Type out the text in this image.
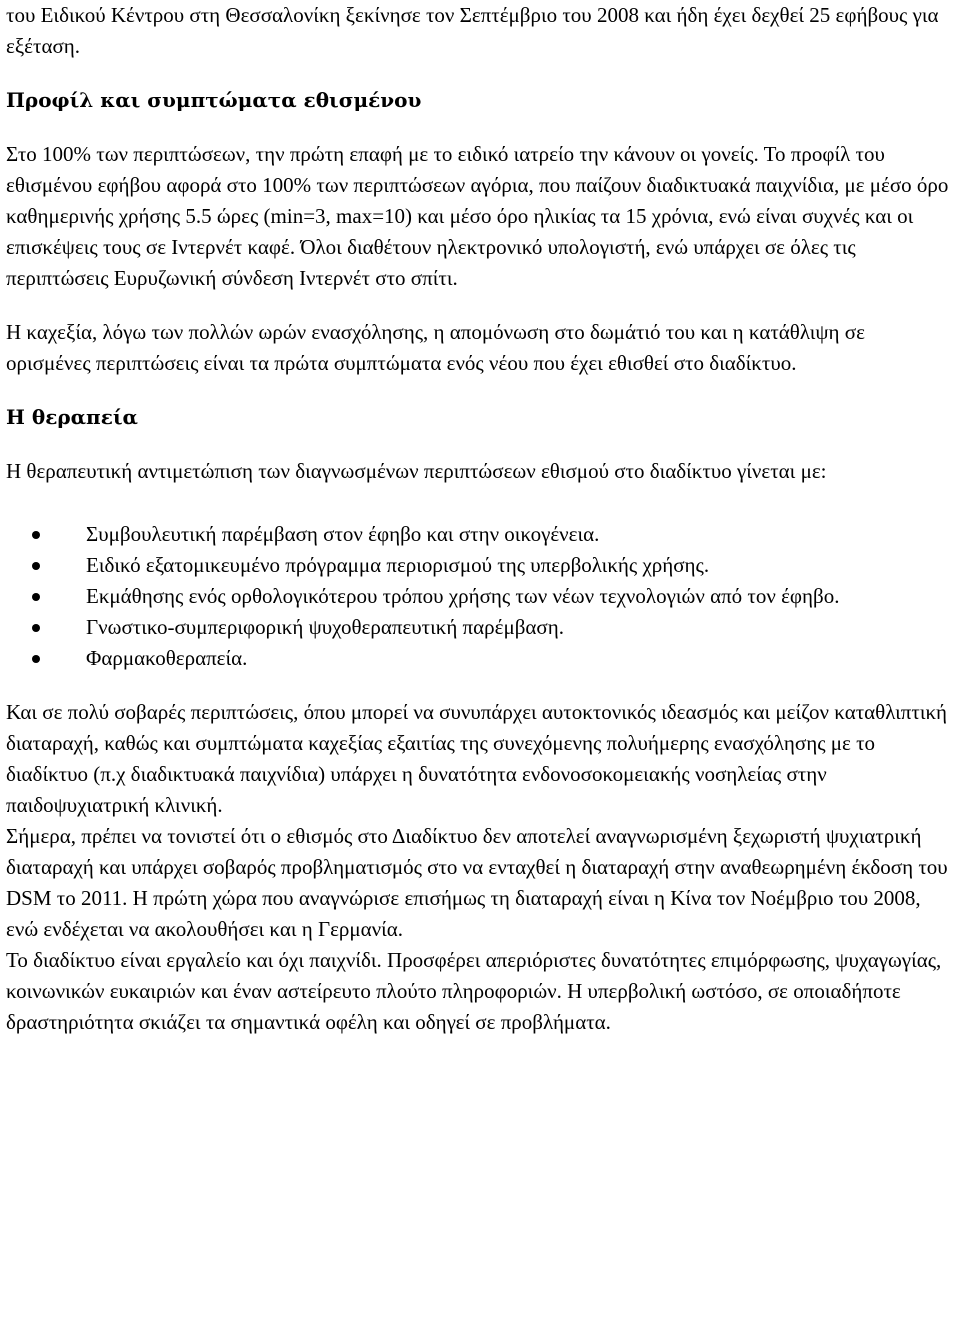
του Ειδικού Κέντρου στη Θεσσαλονίκη ξεκίνησε τον Σεπτέμβριο του 2008 και ήδη έχει δεχθεί 25 εφήβους για εξέταση.

Προφίλ και συμπτώματα εθισμένου

Στο 100% των περιπτώσεων, την πρώτη επαφή με το ειδικό ιατρείο την κάνουν οι γονείς. Το προφίλ του εθισμένου εφήβου αφορά στο 100% των περιπτώσεων αγόρια, που παίζουν διαδικτυακά παιχνίδια, με μέσο όρο καθημερινής χρήσης 5.5 ώρες (min=3, max=10) και μέσο όρο ηλικίας τα 15 χρόνια, ενώ είναι συχνές και οι επισκέψεις τους σε Ιντερνέτ καφέ. Όλοι διαθέτουν ηλεκτρονικό υπολογιστή, ενώ υπάρχει σε όλες τις περιπτώσεις Ευρυζωνική σύνδεση Ιντερνέτ στο σπίτι.

Η καχεξία, λόγω των πολλών ωρών ενασχόλησης, η απομόνωση στο δωμάτιό του και η κατάθλιψη σε ορισμένες περιπτώσεις είναι τα πρώτα συμπτώματα ενός νέου που έχει εθισθεί στο διαδίκτυο.

Η θεραπεία

Η θεραπευτική αντιμετώπιση των διαγνωσμένων περιπτώσεων εθισμού στο διαδίκτυο γίνεται με:

Συμβουλευτική παρέμβαση στον έφηβο και στην οικογένεια.
Ειδικό εξατομικευμένο πρόγραμμα περιορισμού της υπερβολικής χρήσης.
Εκμάθησης ενός ορθολογικότερου τρόπου χρήσης των νέων τεχνολογιών από τον έφηβο.
Γνωστικο-συμπεριφορική ψυχοθεραπευτική παρέμβαση.
Φαρμακοθεραπεία.

Και σε πολύ σοβαρές περιπτώσεις, όπου μπορεί να συνυπάρχει αυτοκτονικός ιδεασμός και μείζον καταθλιπτική διαταραχή, καθώς και συμπτώματα καχεξίας εξαιτίας της συνεχόμενης πολυήμερης ενασχόλησης με το διαδίκτυο (π.χ διαδικτυακά παιχνίδια) υπάρχει η δυνατότητα ενδονοσοκομειακής νοσηλείας στην παιδοψυχιατρική κλινική.

Σήμερα, πρέπει να τονιστεί ότι ο εθισμός στο Διαδίκτυο δεν αποτελεί αναγνωρισμένη ξεχωριστή ψυχιατρική διαταραχή και υπάρχει σοβαρός προβληματισμός στο να ενταχθεί η διαταραχή στην αναθεωρημένη έκδοση του DSM το 2011. Η πρώτη χώρα που αναγνώρισε επισήμως τη διαταραχή είναι η Κίνα τον Νοέμβριο του 2008, ενώ ενδέχεται να ακολουθήσει και η Γερμανία.

Το διαδίκτυο είναι εργαλείο και όχι παιχνίδι. Προσφέρει απεριόριστες δυνατότητες επιμόρφωσης, ψυχαγωγίας, κοινωνικών ευκαιριών και έναν αστείρευτο πλούτο πληροφοριών. Η υπερβολική ωστόσο, σε οποιαδήποτε δραστηριότητα σκιάζει τα σημαντικά οφέλη και οδηγεί σε προβλήματα.
